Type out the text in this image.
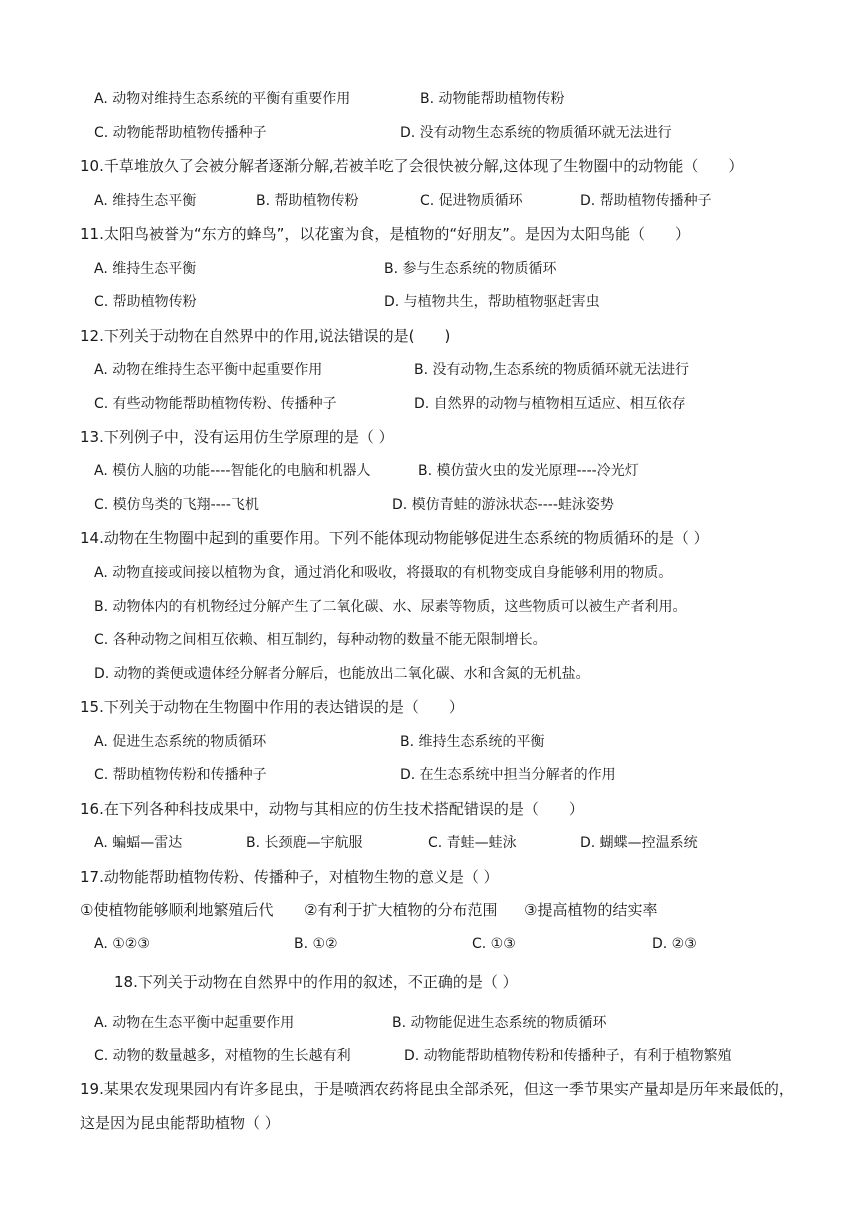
A. 动物对维持生态系统的平衡有重要作用	B. 动物能帮助植物传粉
C. 动物能帮助植物传播种子	D. 没有动物生态系统的物质循环就无法进行
10.千草堆放久了会被分解者逐渐分解,若被羊吃了会很快被分解,这体现了生物圈中的动物能（　　）
A. 维持生态平衡	B. 帮助植物传粉	C. 促进物质循环	D. 帮助植物传播种子
11.太阳鸟被誉为“东方的蜂鸟”，以花蜜为食，是植物的“好朋友”。是因为太阳鸟能（　　）
A. 维持生态平衡	B. 参与生态系统的物质循环
C. 帮助植物传粉	D. 与植物共生，帮助植物驱赶害虫
12.下列关于动物在自然界中的作用,说法错误的是(　　)
A. 动物在维持生态平衡中起重要作用	B. 没有动物,生态系统的物质循环就无法进行
C. 有些动物能帮助植物传粉、传播种子	D. 自然界的动物与植物相互适应、相互依存
13.下列例子中，没有运用仿生学原理的是（ ）
A. 模仿人脑的功能----智能化的电脑和机器人	B. 模仿萤火虫的发光原理----冷光灯
C. 模仿鸟类的飞翔----飞机	D. 模仿青蛙的游泳状态----蛙泳姿势
14.动物在生物圈中起到的重要作用。下列不能体现动物能够促进生态系统的物质循环的是（ ）
A. 动物直接或间接以植物为食，通过消化和吸收，将摄取的有机物变成自身能够利用的物质。
B. 动物体内的有机物经过分解产生了二氧化碳、水、尿素等物质，这些物质可以被生产者利用。
C. 各种动物之间相互依赖、相互制约，每种动物的数量不能无限制增长。
D. 动物的粪便或遗体经分解者分解后，也能放出二氧化碳、水和含氮的无机盐。
15.下列关于动物在生物圈中作用的表达错误的是（　　）
A. 促进生态系统的物质循环	B. 维持生态系统的平衡
C. 帮助植物传粉和传播种子	D. 在生态系统中担当分解者的作用
16.在下列各种科技成果中，动物与其相应的仿生技术搭配错误的是（　　）
A. 蝙蝠—雷达	B. 长颈鹿—宇航服	C. 青蛙—蛙泳	D. 蝴蝶—控温系统
17.动物能帮助植物传粉、传播种子，对植物生物的意义是（ ）
①使植物能够顺利地繁殖后代 ②有利于扩大植物的分布范围 ③提高植物的结实率
A. ①②③	B. ①②	C. ①③	D. ②③
18.下列关于动物在自然界中的作用的叙述，不正确的是（ ）
A. 动物在生态平衡中起重要作用	B. 动物能促进生态系统的物质循环
C. 动物的数量越多，对植物的生长越有利	D. 动物能帮助植物传粉和传播种子，有利于植物繁殖
19.某果农发现果园内有许多昆虫，于是喷洒农药将昆虫全部杀死，但这一季节果实产量却是历年来最低的，
这是因为昆虫能帮助植物（ ）
